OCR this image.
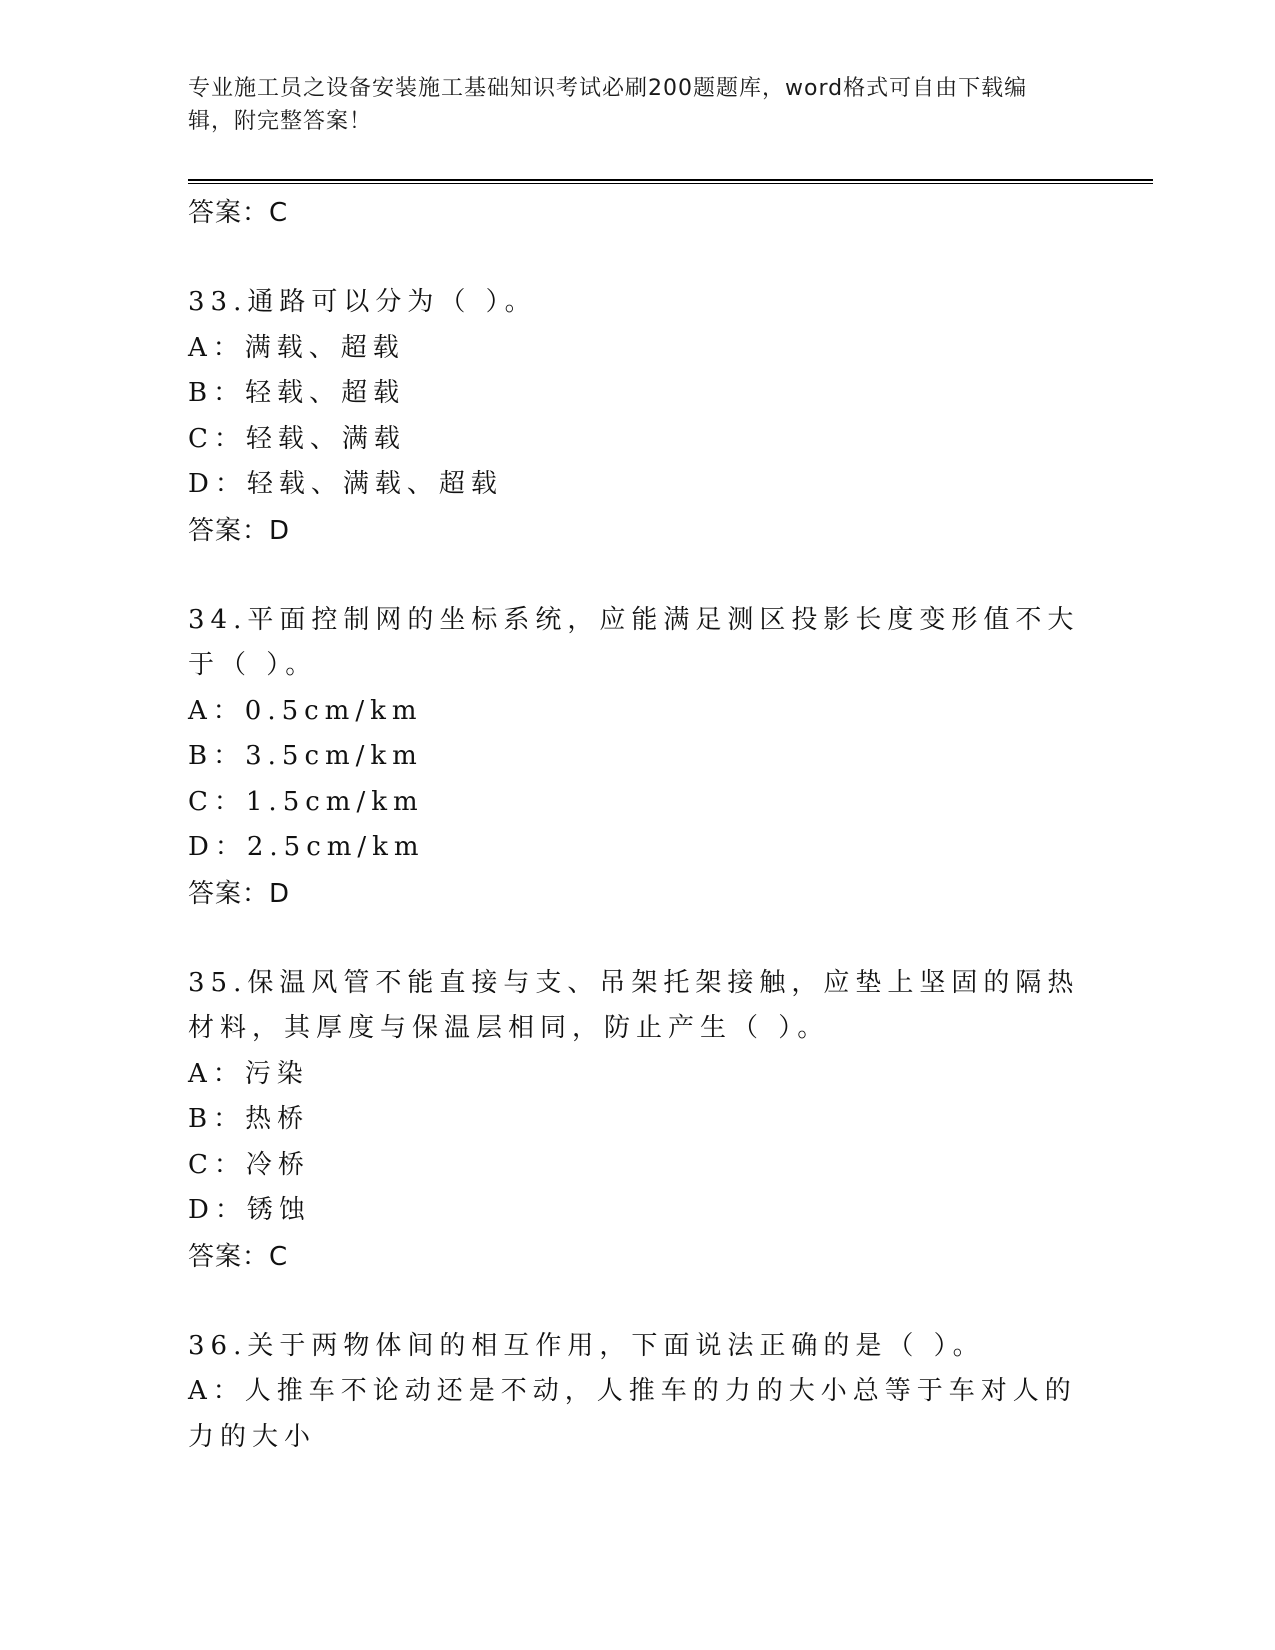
专业施工员之设备安装施工基础知识考试必刷200题题库，word格式可自由下载编辑，附完整答案！

答案：C

33.通路可以分为（ ）。

A：满载、超载

B：轻载、超载

C：轻载、满载

D：轻载、满载、超载

答案：D

34.平面控制网的坐标系统，应能满足测区投影长度变形值不大于（ ）。

A：0.5cm/km

B：3.5cm/km

C：1.5cm/km

D：2.5cm/km

答案：D

35.保温风管不能直接与支、吊架托架接触，应垫上坚固的隔热材料，其厚度与保温层相同，防止产生（ ）。

A：污染

B：热桥

C：冷桥

D：锈蚀

答案：C

36.关于两物体间的相互作用，下面说法正确的是（ ）。

A：人推车不论动还是不动，人推车的力的大小总等于车对人的力的大小
